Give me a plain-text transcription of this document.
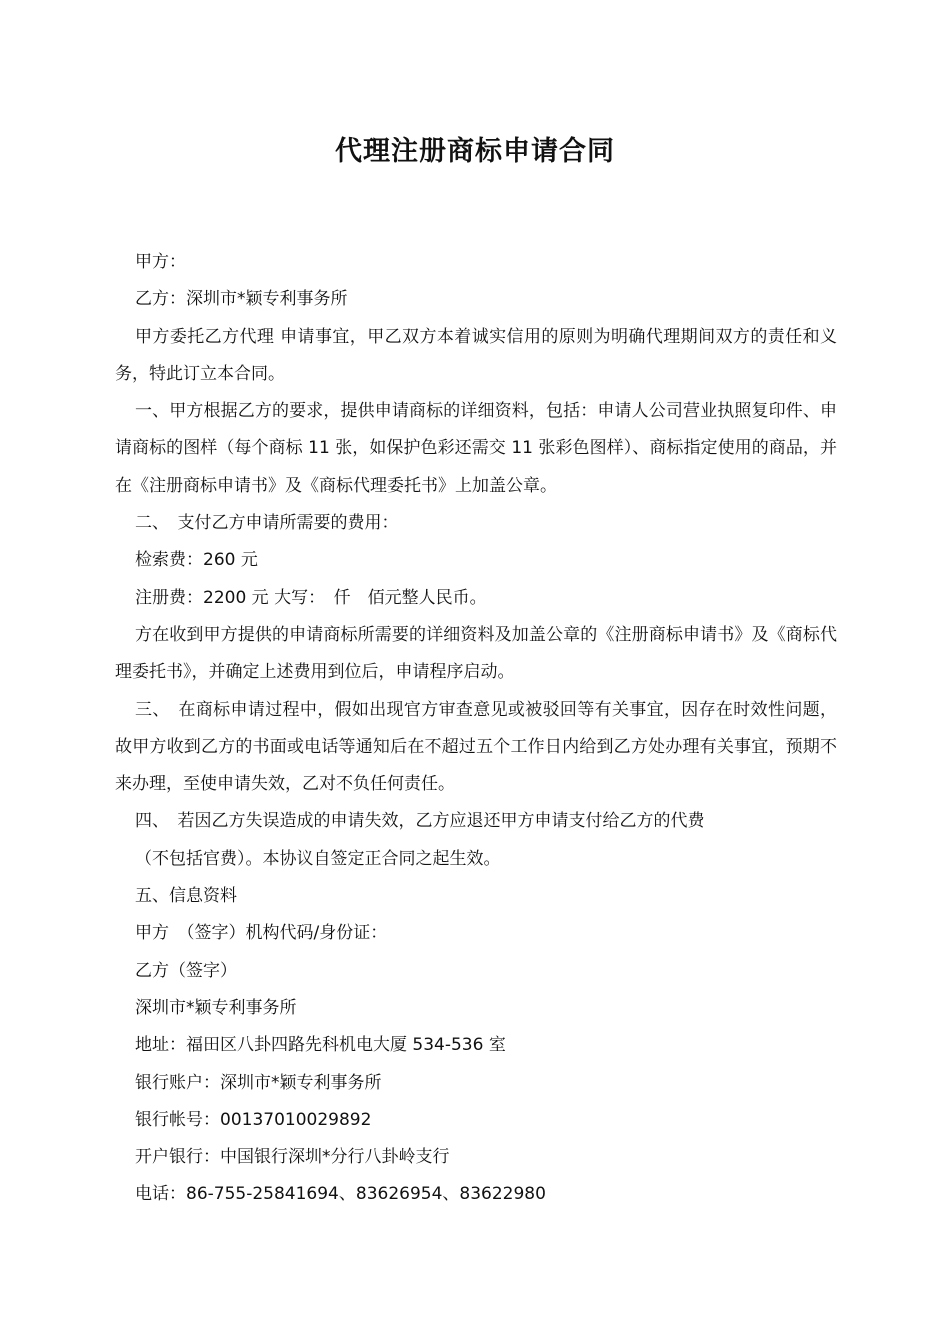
代理注册商标申请合同

甲方：

乙方：深圳市*颖专利事务所

甲方委托乙方代理 申请事宜，甲乙双方本着诚实信用的原则为明确代理期间双方的责任和义务，特此订立本合同。

一、甲方根据乙方的要求，提供申请商标的详细资料，包括：申请人公司营业执照复印件、申请商标的图样（每个商标 11 张，如保护色彩还需交 11 张彩色图样）、商标指定使用的商品，并在《注册商标申请书》及《商标代理委托书》上加盖公章。

二、　支付乙方申请所需要的费用：

检索费：260 元

注册费：2200 元 大写：　仟　佰元整人民币。

方在收到甲方提供的申请商标所需要的详细资料及加盖公章的《注册商标申请书》及《商标代理委托书》，并确定上述费用到位后，申请程序启动。

三、　在商标申请过程中，假如出现官方审查意见或被驳回等有关事宜，因存在时效性问题，故甲方收到乙方的书面或电话等通知后在不超过五个工作日内给到乙方处办理有关事宜，预期不来办理，至使申请失效，乙对不负任何责任。

四、　若因乙方失误造成的申请失效，乙方应退还甲方申请支付给乙方的代费

（不包括官费）。本协议自签定正合同之起生效。

五、信息资料

甲方　（签字）机构代码/身份证：

乙方（签字）

深圳市*颖专利事务所

地址：福田区八卦四路先科机电大厦 534-536 室

银行账户：深圳市*颖专利事务所

银行帐号：00137010029892

开户银行：中国银行深圳*分行八卦岭支行

电话：86-755-25841694、83626954、83622980
